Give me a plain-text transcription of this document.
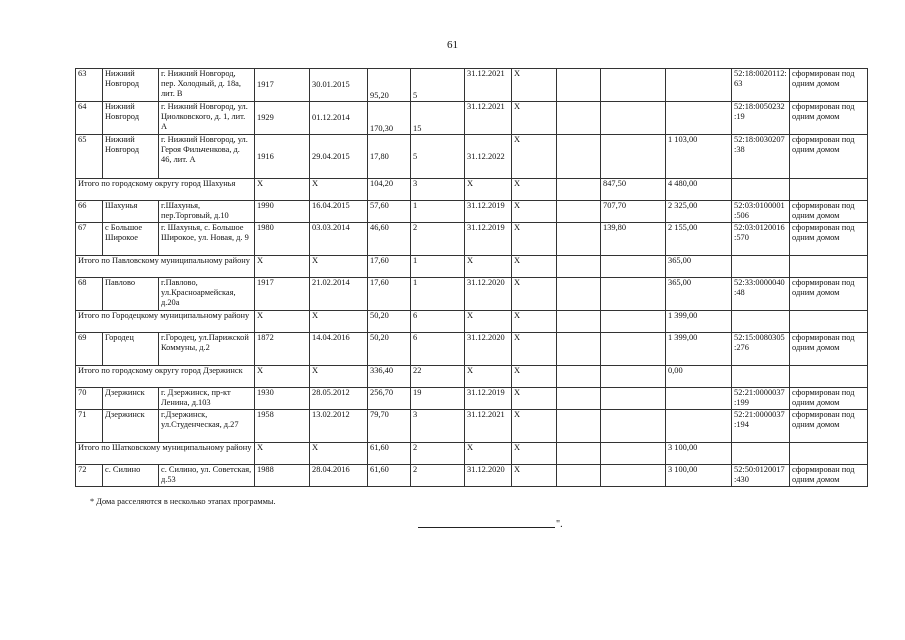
61
63	Нижний Новгород	г. Нижний Новгород, пер. Холодный, д. 18а, лит. В	1917	30.01.2015	95,20	5	31.12.2021	X				52:18:0020112:63	сформирован под одним домом
64	Нижний Новгород	г. Нижний Новгород, ул. Циолковского, д. 1, лит. А	1929	01.12.2014	170,30	15	31.12.2021	X				52:18:0050232:19	сформирован под одним домом
65	Нижний Новгород	г. Нижний Новгород, ул. Героя Фильченкова, д. 46, лит. А	1916	29.04.2015	17,80	5	31.12.2022	X			1 103,00	52:18:0030207:38	сформирован под одним домом
Итого по городскому округу город Шахунья			X	X	104,20	3	X	X		847,50	4 480,00		
66	Шахунья	г.Шахунья, пер.Торговый, д.10	1990	16.04.2015	57,60	1	31.12.2019	X		707,70	2 325,00	52:03:0100001:506	сформирован под одним домом
67	с Большое Широкое	г. Шахунья, с. Большое Широкое, ул. Новая, д. 9	1980	03.03.2014	46,60	2	31.12.2019	X		139,80	2 155,00	52:03:0120016:570	сформирован под одним домом
Итого по Павловскому муниципальному району			X	X	17,60	1	X	X			365,00		
68	Павлово	г.Павлово, ул.Красноармейская, д.20а	1917	21.02.2014	17,60	1	31.12.2020	X			365,00	52:33:0000040:48	сформирован под одним домом
Итого по Городецкому муниципальному району			X	X	50,20	6	X	X			1 399,00		
69	Городец	г.Городец, ул.Парижской Коммуны, д.2	1872	14.04.2016	50,20	6	31.12.2020	X			1 399,00	52:15:0080305:276	сформирован под одним домом
Итого по городскому округу город Дзержинск			X	X	336,40	22	X	X			0,00		
70	Дзержинск	г. Дзержинск, пр-кт Ленина, д.103	1930	28.05.2012	256,70	19	31.12.2019	X				52:21:0000037:199	сформирован под одним домом
71	Дзержинск	г.Дзержинск, ул.Студенческая, д.27	1958	13.02.2012	79,70	3	31.12.2021	X				52:21:0000037:194	сформирован под одним домом
Итого по Шатковскому муниципальному району			X	X	61,60	2	X	X			3 100,00		
72	с. Силино	с. Силино, ул. Советская, д.53	1988	28.04.2016	61,60	2	31.12.2020	X			3 100,00	52:50:0120017:430	сформирован под одним домом
* Дома расселяются в несколько этапах программы.
".
